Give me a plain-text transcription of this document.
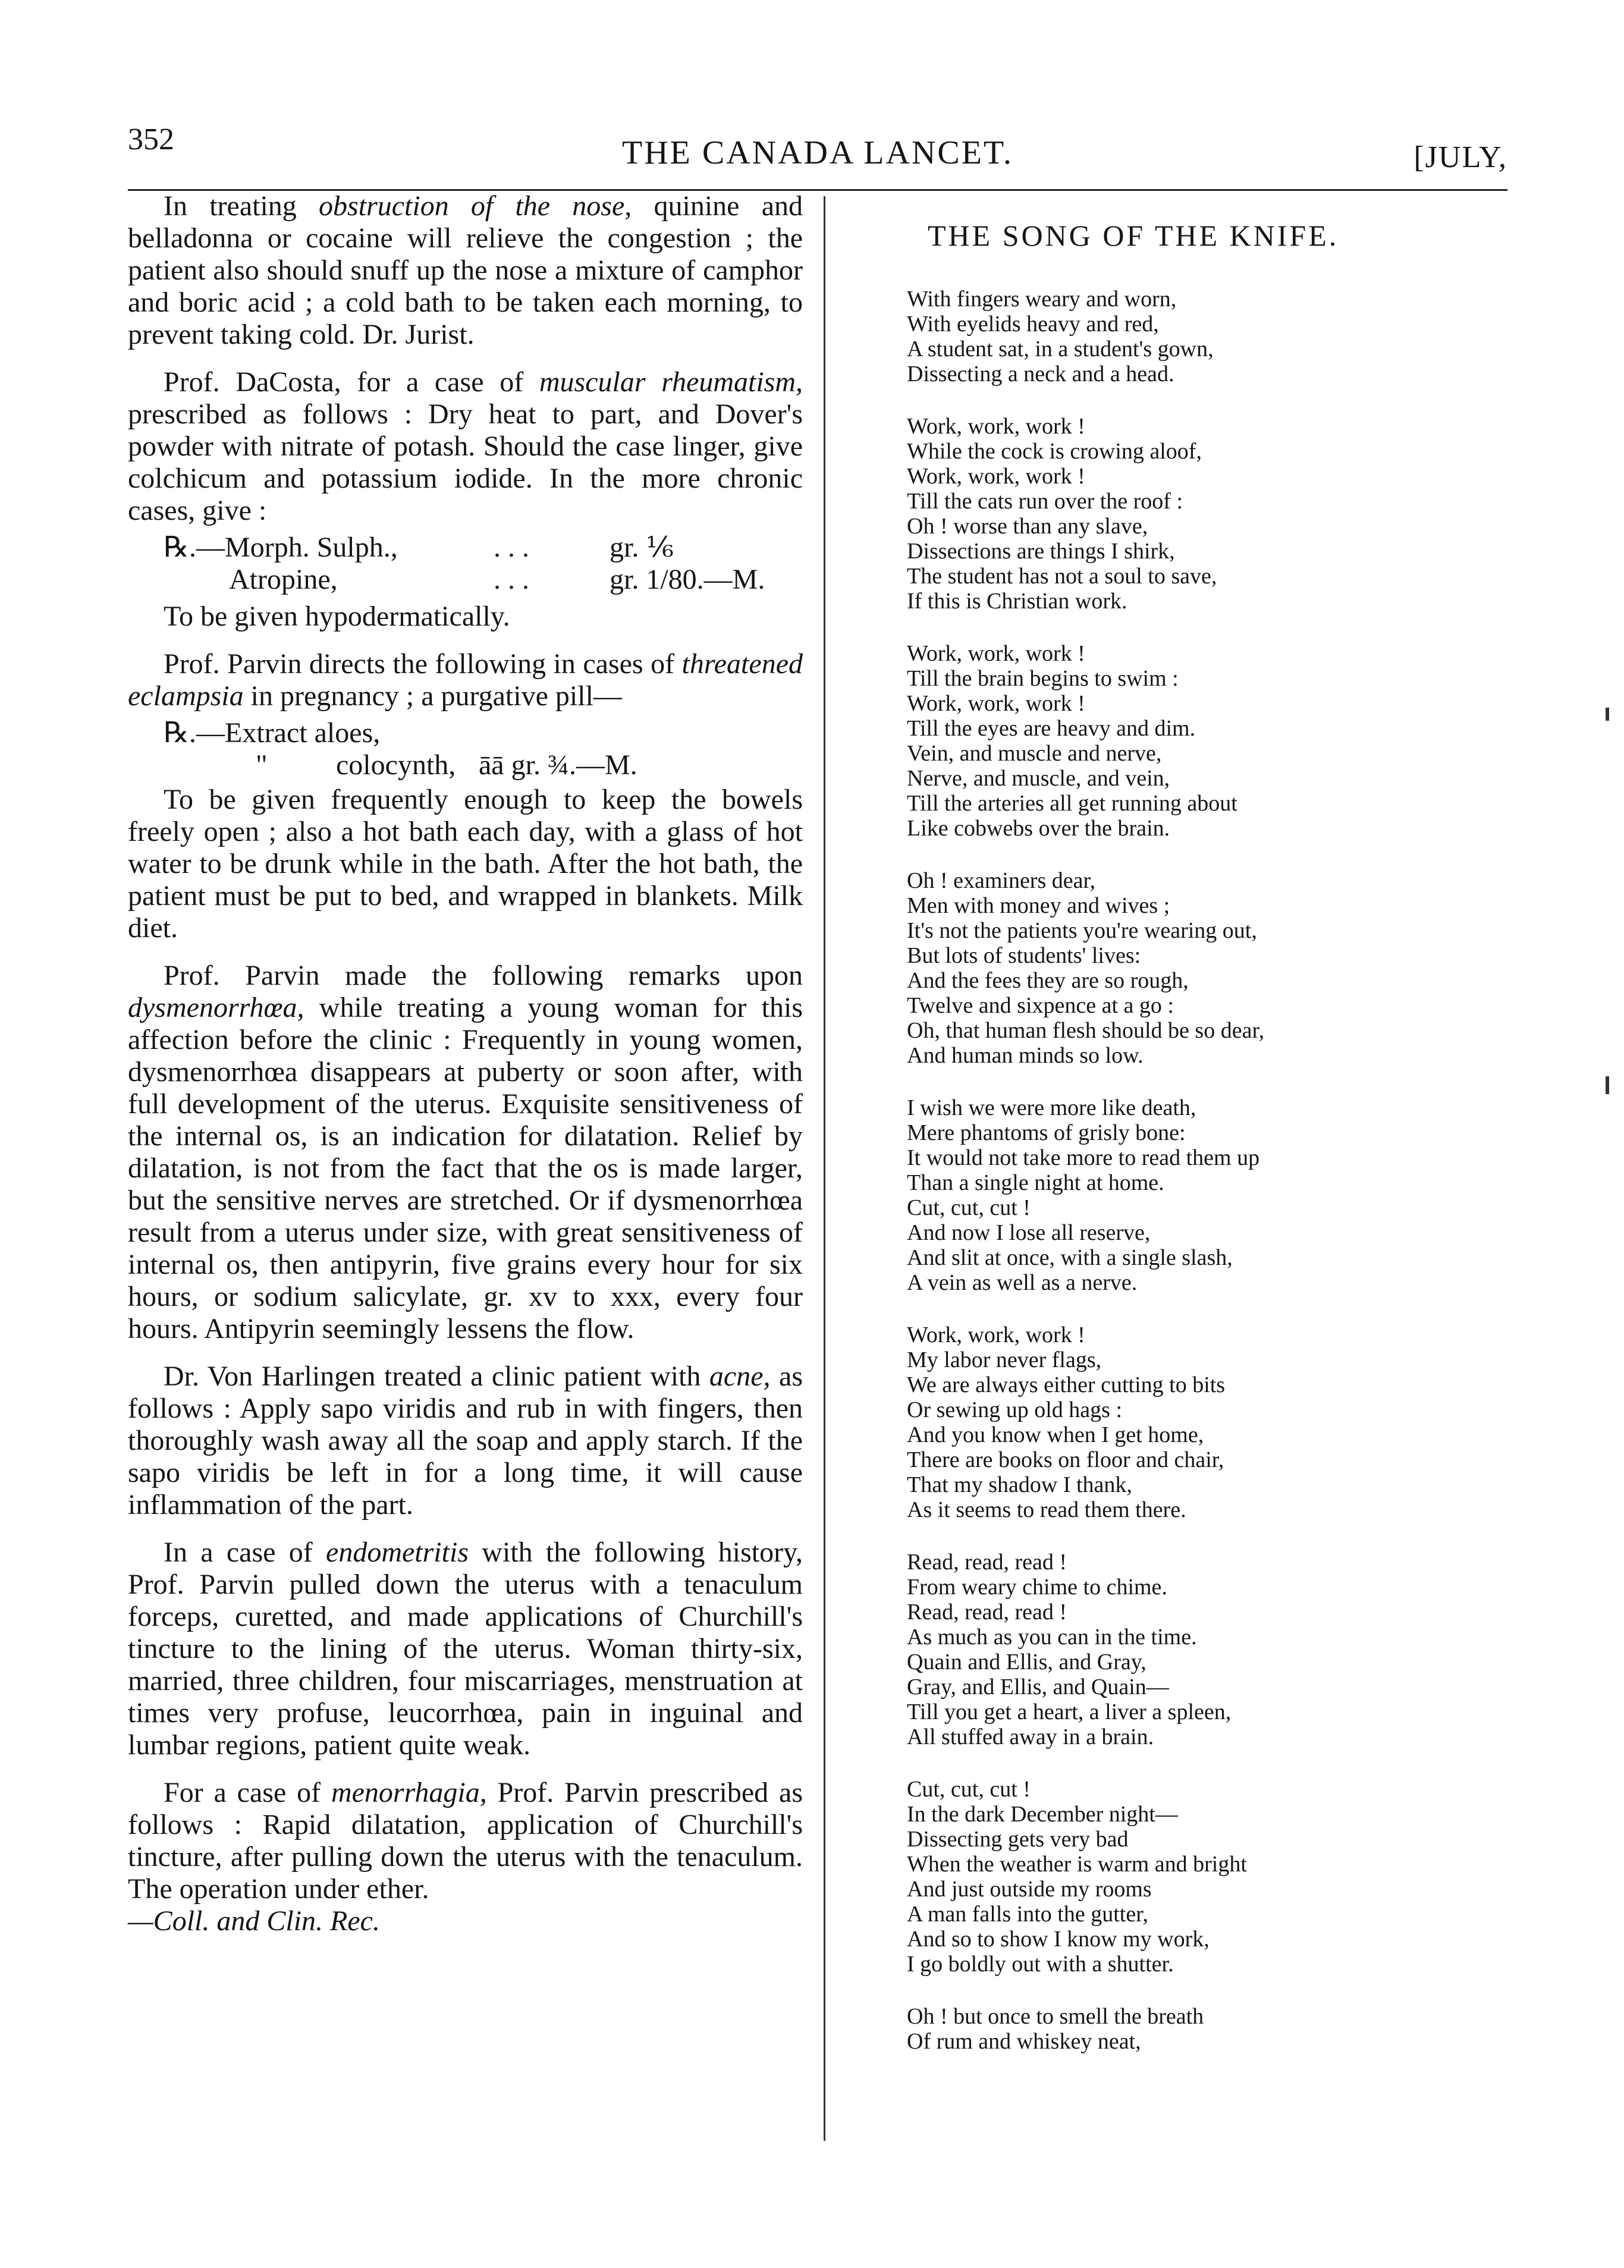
352	THE CANADA LANCET.	[JULY,

In treating obstruction of the nose, quinine and belladonna or cocaine will relieve the congestion ; the patient also should snuff up the nose a mixture of camphor and boric acid ; a cold bath to be taken each morning, to prevent taking cold. Dr. Jurist.

Prof. DaCosta, for a case of muscular rheumatism, prescribed as follows : Dry heat to part, and Dover's powder with nitrate of potash. Should the case linger, give colchicum and potassium iodide. In the more chronic cases, give :

℞.—Morph. Sulph.,	. . .	gr. ⅙
Atropine,	. . .	gr. 1/80.—M.
To be given hypodermatically.

Prof. Parvin directs the following in cases of threatened eclampsia in pregnancy ; a purgative pill—

℞.—Extract aloes,
" colocynth, āā gr. ¾.—M.

To be given frequently enough to keep the bowels freely open ; also a hot bath each day, with a glass of hot water to be drunk while in the bath. After the hot bath, the patient must be put to bed, and wrapped in blankets. Milk diet.

Prof. Parvin made the following remarks upon dysmenorrhœa, while treating a young woman for this affection before the clinic : Frequently in young women, dysmenorrhœa disappears at puberty or soon after, with full development of the uterus. Exquisite sensitiveness of the internal os, is an indication for dilatation. Relief by dilatation, is not from the fact that the os is made larger, but the sensitive nerves are stretched. Or if dysmenorrhœa result from a uterus under size, with great sensitiveness of internal os, then antipyrin, five grains every hour for six hours, or sodium salicylate, gr. xv to xxx, every four hours. Antipyrin seemingly lessens the flow.

Dr. Von Harlingen treated a clinic patient with acne, as follows : Apply sapo viridis and rub in with fingers, then thoroughly wash away all the soap and apply starch. If the sapo viridis be left in for a long time, it will cause inflammation of the part.

In a case of endometritis with the following history, Prof. Parvin pulled down the uterus with a tenaculum forceps, curetted, and made applications of Churchill's tincture to the lining of the uterus. Woman thirty-six, married, three children, four miscarriages, menstruation at times very profuse, leucorrhœa, pain in inguinal and lumbar regions, patient quite weak.

For a case of menorrhagia, Prof. Parvin prescribed as follows : Rapid dilatation, application of Churchill's tincture, after pulling down the uterus with the tenaculum. The operation under ether.
—Coll. and Clin. Rec.

THE SONG OF THE KNIFE.
With fingers weary and worn,
With eyelids heavy and red,
A student sat, in a student's gown,
Dissecting a neck and a head.
Work, work, work !
While the cock is crowing aloof,
Work, work, work !
Till the cats run over the roof :
Oh ! worse than any slave,
Dissections are things I shirk,
The student has not a soul to save,
If this is Christian work.
Work, work, work !
Till the brain begins to swim :
Work, work, work !
Till the eyes are heavy and dim.
Vein, and muscle and nerve,
Nerve, and muscle, and vein,
Till the arteries all get running about
Like cobwebs over the brain.
Oh ! examiners dear,
Men with money and wives ;
It's not the patients you're wearing out,
But lots of students' lives:
And the fees they are so rough,
Twelve and sixpence at a go :
Oh, that human flesh should be so dear,
And human minds so low.
I wish we were more like death,
Mere phantoms of grisly bone:
It would not take more to read them up
Than a single night at home.
Cut, cut, cut !
And now I lose all reserve,
And slit at once, with a single slash,
A vein as well as a nerve.
Work, work, work !
My labor never flags,
We are always either cutting to bits
Or sewing up old hags :
And you know when I get home,
There are books on floor and chair,
That my shadow I thank,
As it seems to read them there.
Read, read, read !
From weary chime to chime.
Read, read, read !
As much as you can in the time.
Quain and Ellis, and Gray,
Gray, and Ellis, and Quain—
Till you get a heart, a liver a spleen,
All stuffed away in a brain.
Cut, cut, cut !
In the dark December night—
Dissecting gets very bad
When the weather is warm and bright
And just outside my rooms
A man falls into the gutter,
And so to show I know my work,
I go boldly out with a shutter.
Oh ! but once to smell the breath
Of rum and whiskey neat,
